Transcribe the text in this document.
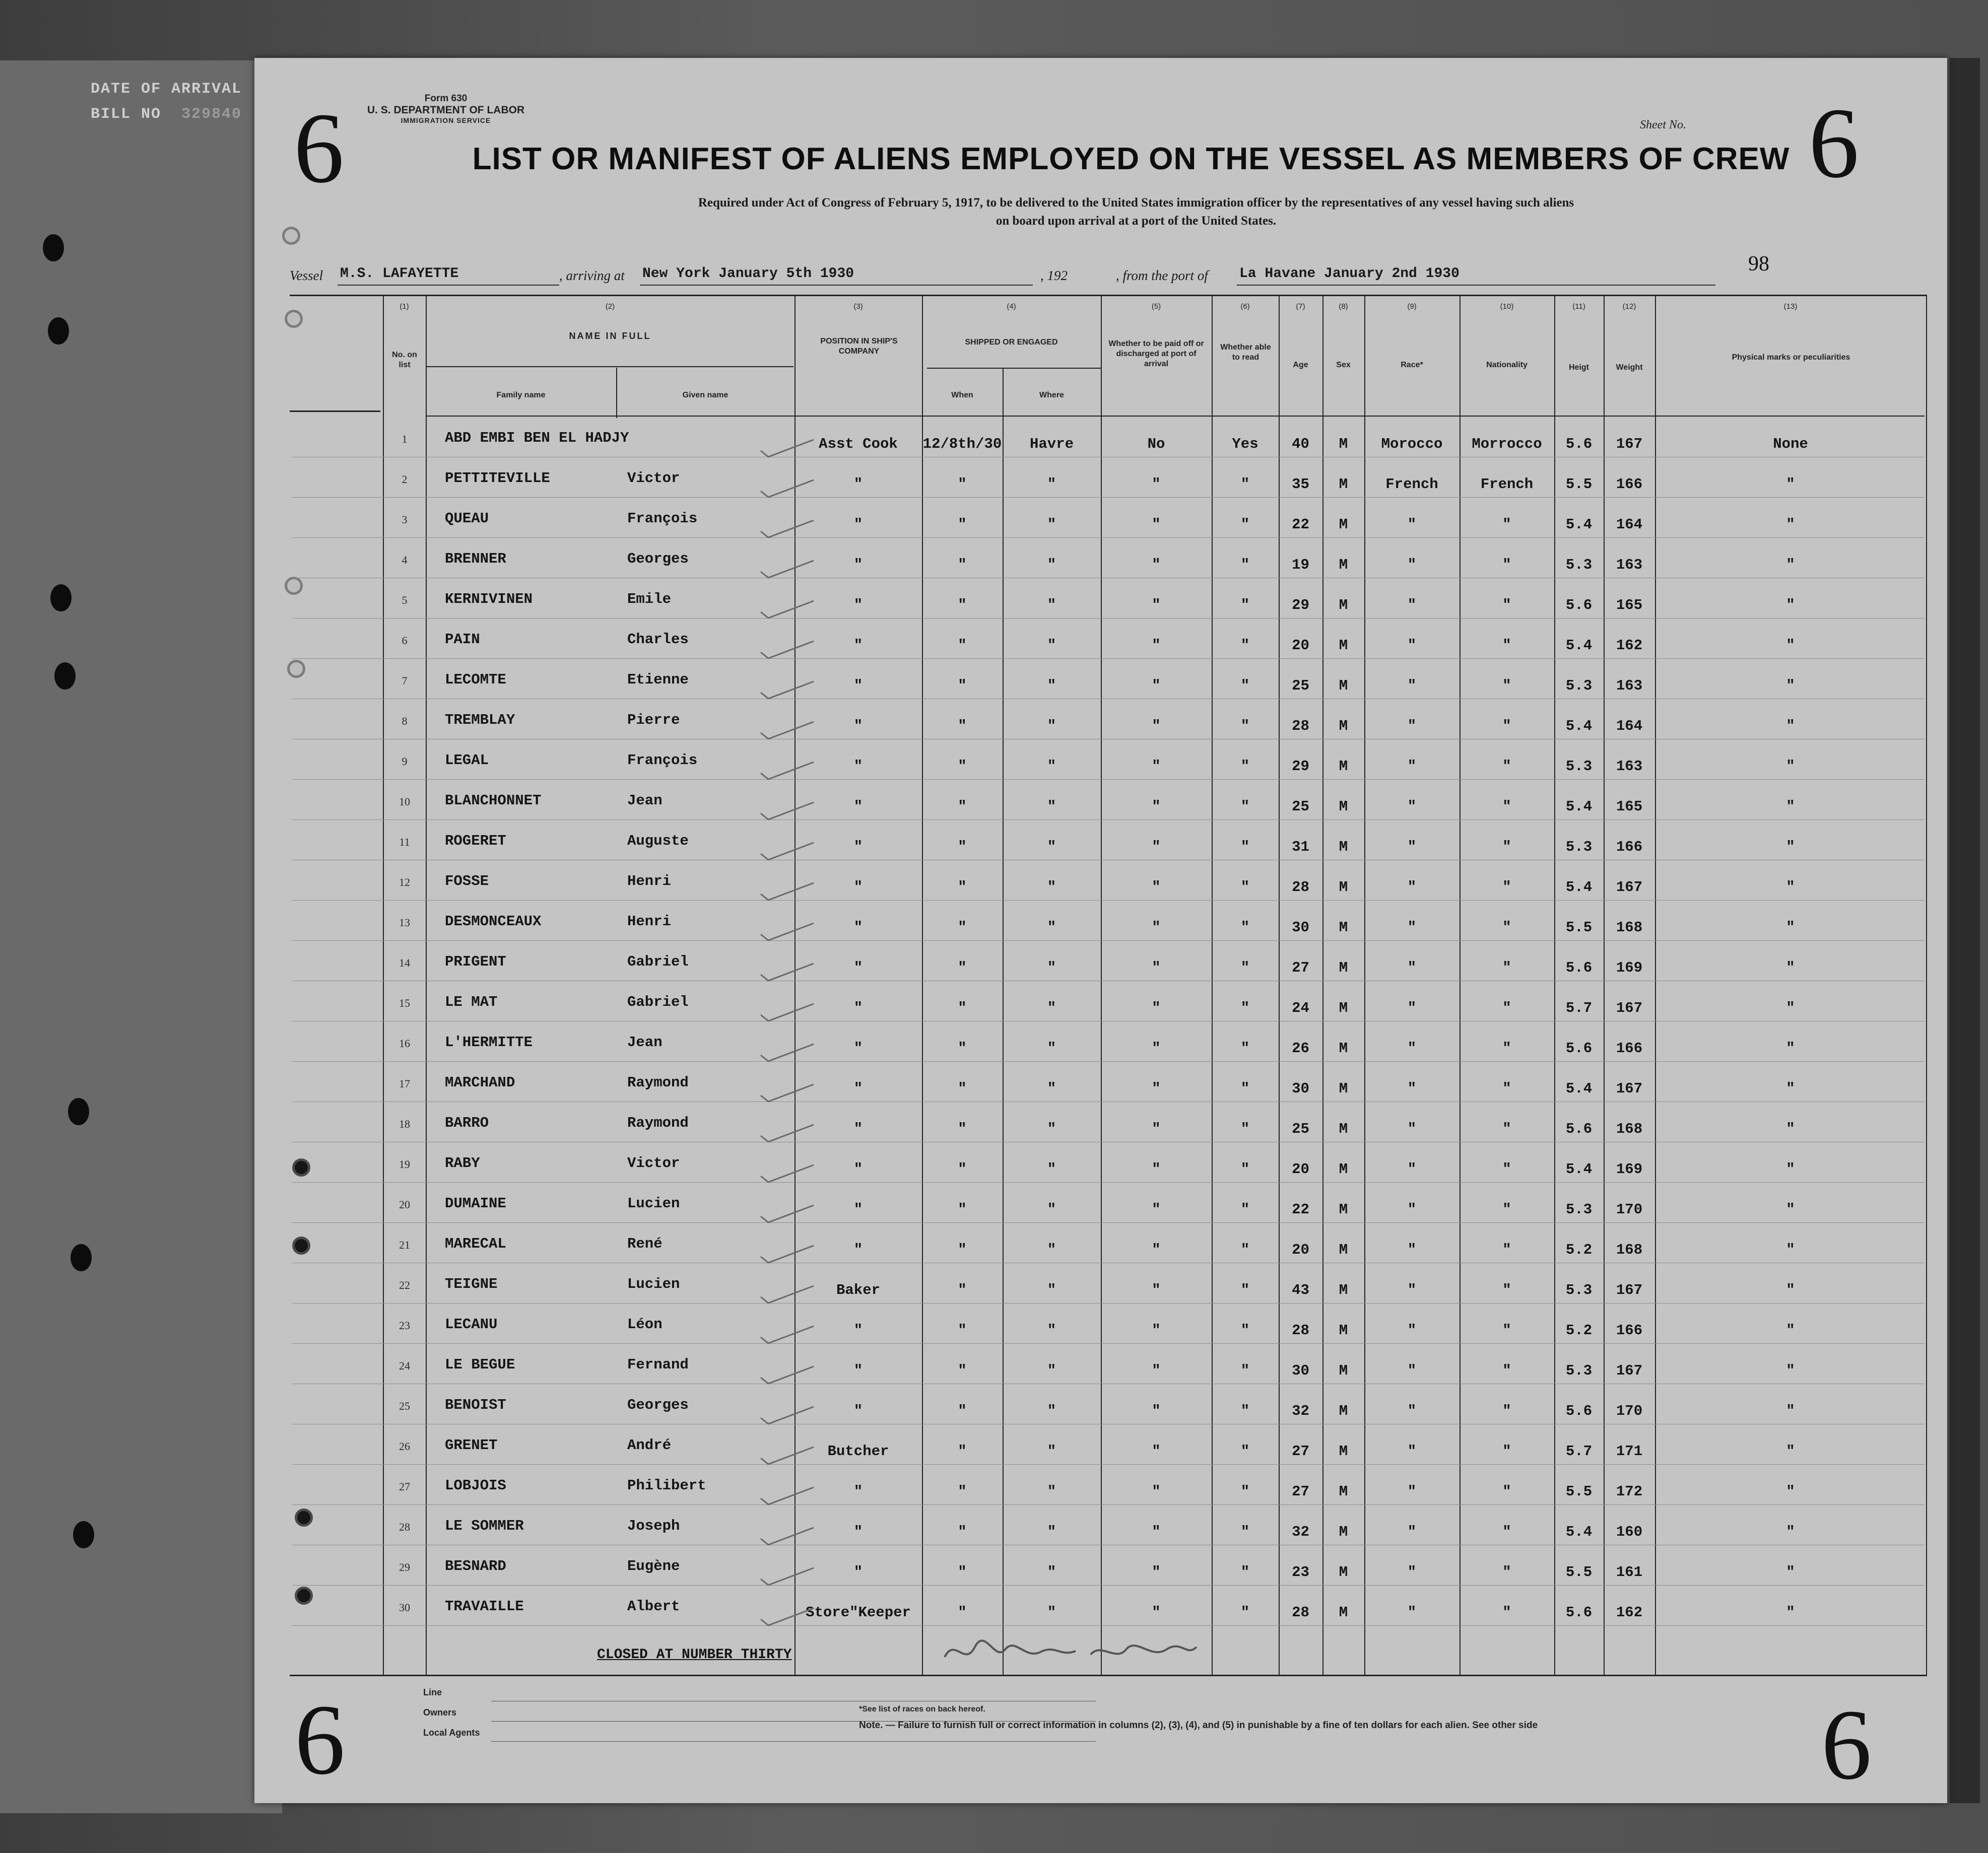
DATE OF ARRIVAL
BILL NO 329840 6	6
6	6
Form 630
U. S. DEPARTMENT OF LABOR
IMMIGRATION SERVICE	Sheet No.
LIST OR MANIFEST OF ALIENS EMPLOYED ON THE VESSEL AS MEMBERS OF CREW
Required under Act of Congress of February 5, 1917, to be delivered to the United States immigration officer by the representatives of any vessel having such aliens
on board upon arrival at a port of the United States.
Vessel M.S. LAFAYETTE	, arriving at New York January 5th 1930	, 192	, from the port of La Havane January 2nd 1930	98
(1)	(2)	(3)	(4)	(5)	(6)	(7)	(8)	(9)	(10)	(11)	(12)	(13)
No. on list
NAME IN FULL
Family name	Given name
POSITION IN SHIP'S COMPANY
SHIPPED OR ENGAGED
When	Where
Whether to be paid off or discharged at port of arrival
Whether able to read
Age	Sex	Race*	Nationality	Heigt	Weight
Physical marks or peculiarities
1	ABD EMBI BEN EL HADJY	Asst Cook	12/8th/30	Havre	No	Yes	40	M	Morocco	Morrocco	5.6	167	None
2	PETTITEVILLE	Victor	"	"	"	"	"	35	M	French	French	5.5	166	"
3	QUEAU	François	"	"	"	"	"	22	M	"	"	5.4	164	"
4	BRENNER	Georges	"	"	"	"	"	19	M	"	"	5.3	163	"
5	KERNIVINEN	Emile	"	"	"	"	"	29	M	"	"	5.6	165	"
6	PAIN	Charles	"	"	"	"	"	20	M	"	"	5.4	162	"
7	LECOMTE	Etienne	"	"	"	"	"	25	M	"	"	5.3	163	"
8	TREMBLAY	Pierre	"	"	"	"	"	28	M	"	"	5.4	164	"
9	LEGAL	François	"	"	"	"	"	29	M	"	"	5.3	163	"
10	BLANCHONNET	Jean	"	"	"	"	"	25	M	"	"	5.4	165	"
11	ROGERET	Auguste	"	"	"	"	"	31	M	"	"	5.3	166	"
12	FOSSE	Henri	"	"	"	"	"	28	M	"	"	5.4	167	"
13	DESMONCEAUX	Henri	"	"	"	"	"	30	M	"	"	5.5	168	"
14	PRIGENT	Gabriel	"	"	"	"	"	27	M	"	"	5.6	169	"
15	LE MAT	Gabriel	"	"	"	"	"	24	M	"	"	5.7	167	"
16	L'HERMITTE	Jean	"	"	"	"	"	26	M	"	"	5.6	166	"
17	MARCHAND	Raymond	"	"	"	"	"	30	M	"	"	5.4	167	"
18	BARRO	Raymond	"	"	"	"	"	25	M	"	"	5.6	168	"
19	RABY	Victor	"	"	"	"	"	20	M	"	"	5.4	169	"
20	DUMAINE	Lucien	"	"	"	"	"	22	M	"	"	5.3	170	"
21	MARECAL	René	"	"	"	"	"	20	M	"	"	5.2	168	"
22	TEIGNE	Lucien	Baker	"	"	"	"	43	M	"	"	5.3	167	"
23	LECANU	Léon	"	"	"	"	"	28	M	"	"	5.2	166	"
24	LE BEGUE	Fernand	"	"	"	"	"	30	M	"	"	5.3	167	"
25	BENOIST	Georges	"	"	"	"	"	32	M	"	"	5.6	170	"
26	GRENET	André	Butcher	"	"	"	"	27	M	"	"	5.7	171	"
27	LOBJOIS	Philibert	"	"	"	"	"	27	M	"	"	5.5	172	"
28	LE SOMMER	Joseph	"	"	"	"	"	32	M	"	"	5.4	160	"
29	BESNARD	Eugène	"	"	"	"	"	23	M	"	"	5.5	161	"
30	TRAVAILLE	Albert	Store"Keeper	"	"	"	"	28	M	"	"	5.6	162	"
CLOSED AT NUMBER THIRTY
Morgan Insp
Line
Owners
Local Agents
*See list of races on back hereof.
Note. — Failure to furnish full or correct information in columns (2), (3), (4), and (5) in punishable by a fine of ten dollars for each alien. See other side
